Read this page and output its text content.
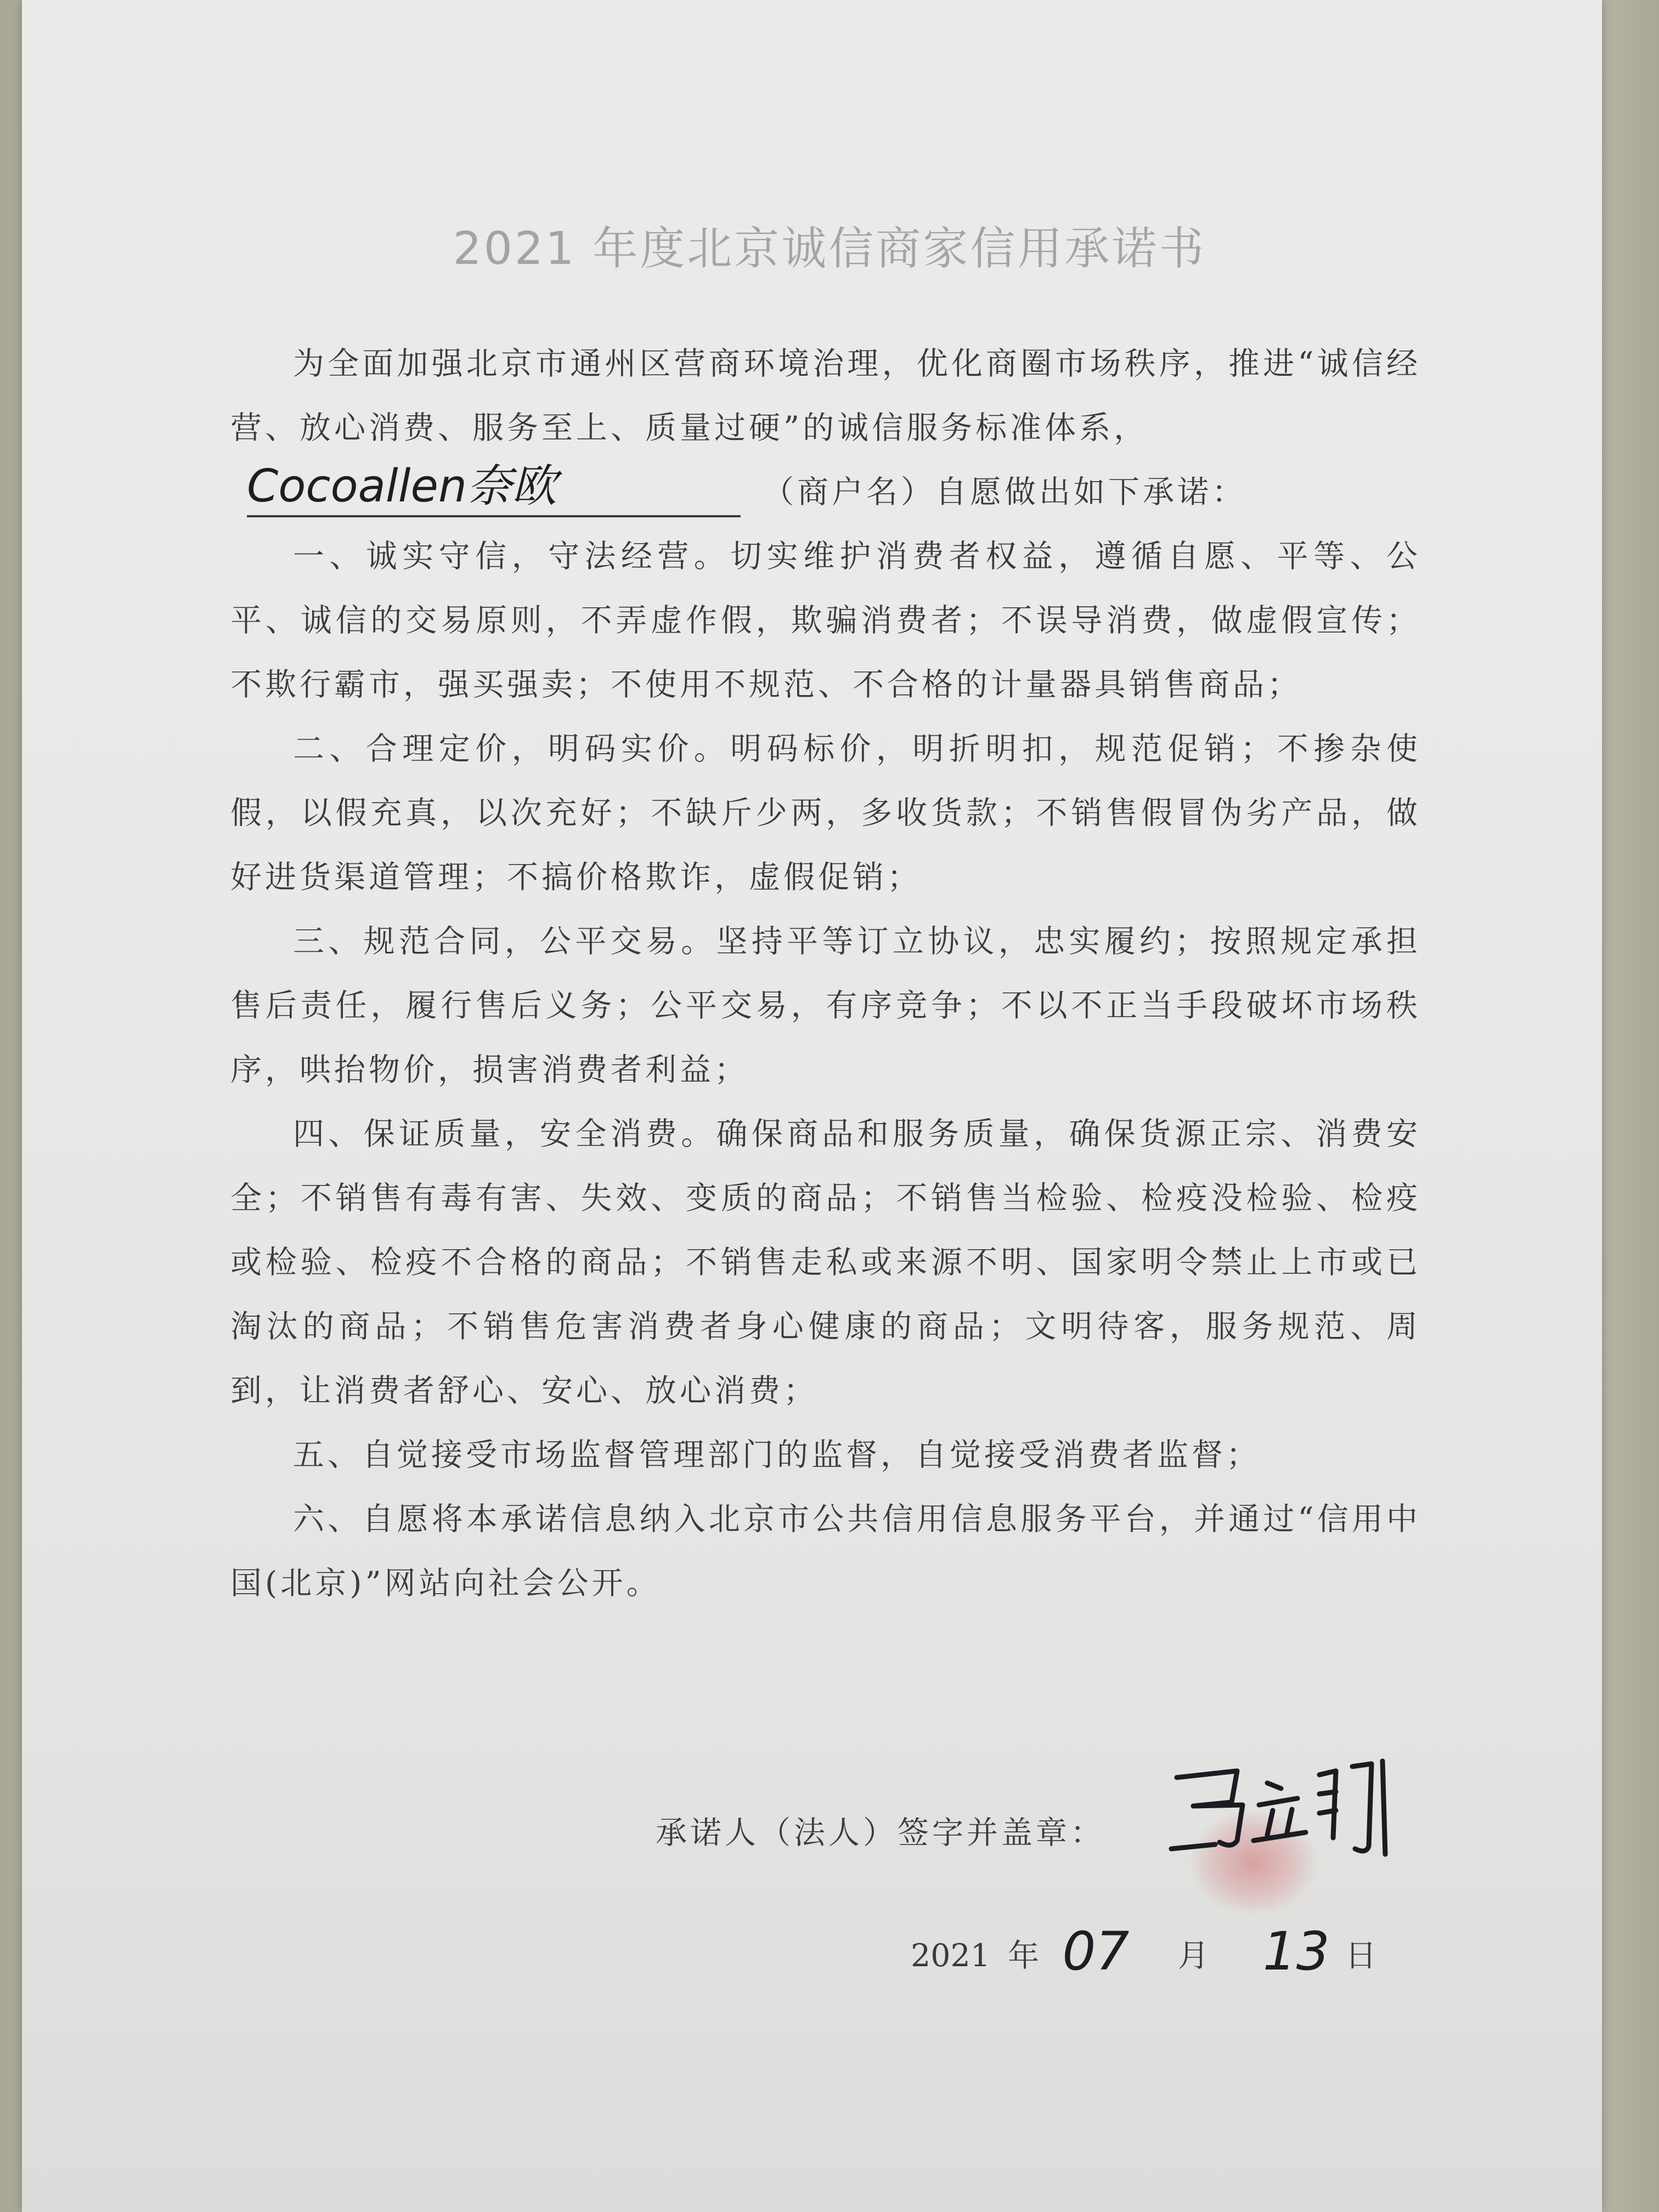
2021 年度北京诚信商家信用承诺书

为全面加强北京市通州区营商环境治理，优化商圈市场秩序，推进“诚信经营、放心消费、服务至上、质量过硬”的诚信服务标准体系，

Cocoallen奈欧	（商户名）自愿做出如下承诺：

一、诚实守信，守法经营。切实维护消费者权益，遵循自愿、平等、公平、诚信的交易原则，不弄虚作假，欺骗消费者；不误导消费，做虚假宣传；不欺行霸市，强买强卖；不使用不规范、不合格的计量器具销售商品；

二、合理定价，明码实价。明码标价，明折明扣，规范促销；不掺杂使假，以假充真，以次充好；不缺斤少两，多收货款；不销售假冒伪劣产品，做好进货渠道管理；不搞价格欺诈，虚假促销；

三、规范合同，公平交易。坚持平等订立协议，忠实履约；按照规定承担售后责任，履行售后义务；公平交易，有序竞争；不以不正当手段破坏市场秩序，哄抬物价，损害消费者利益；

四、保证质量，安全消费。确保商品和服务质量，确保货源正宗、消费安全；不销售有毒有害、失效、变质的商品；不销售当检验、检疫没检验、检疫或检验、检疫不合格的商品；不销售走私或来源不明、国家明令禁止上市或已淘汰的商品；不销售危害消费者身心健康的商品；文明待客，服务规范、周到，让消费者舒心、安心、放心消费；

五、自觉接受市场监督管理部门的监督，自觉接受消费者监督；

六、自愿将本承诺信息纳入北京市公共信用信息服务平台，并通过“信用中国(北京)”网站向社会公开。

承诺人（法人）签字并盖章：
2021 年 07 月 13 日
